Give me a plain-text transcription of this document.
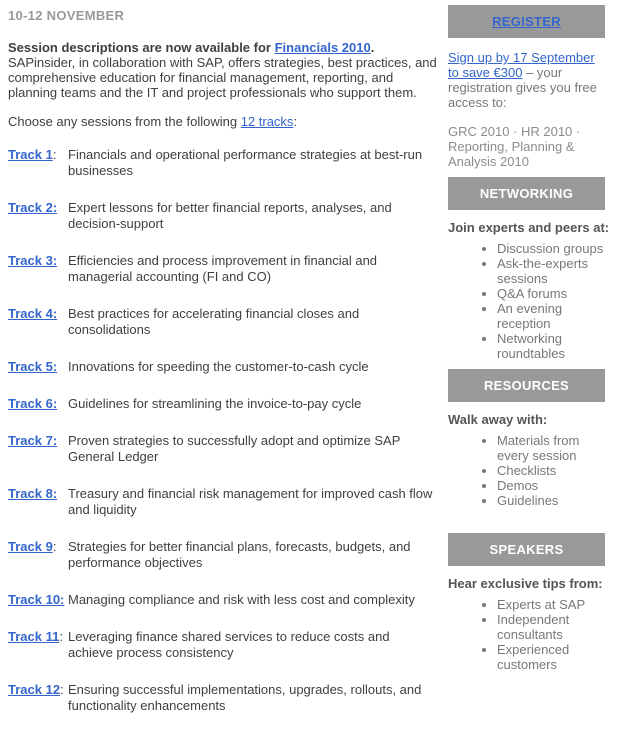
10-12 NOVEMBER

Session descriptions are now available for Financials 2010. SAPinsider, in collaboration with SAP, offers strategies, best practices, and comprehensive education for financial management, reporting, and planning teams and the IT and project professionals who support them.

Choose any sessions from the following 12 tracks:

Track 1: Financials and operational performance strategies at best-run businesses
Track 2: Expert lessons for better financial reports, analyses, and decision-support
Track 3: Efficiencies and process improvement in financial and managerial accounting (FI and CO)
Track 4: Best practices for accelerating financial closes and consolidations
Track 5: Innovations for speeding the customer-to-cash cycle
Track 6: Guidelines for streamlining the invoice-to-pay cycle
Track 7: Proven strategies to successfully adopt and optimize SAP General Ledger
Track 8: Treasury and financial risk management for improved cash flow and liquidity
Track 9: Strategies for better financial plans, forecasts, budgets, and performance objectives
Track 10: Managing compliance and risk with less cost and complexity
Track 11: Leveraging finance shared services to reduce costs and achieve process consistency
Track 12: Ensuring successful implementations, upgrades, rollouts, and functionality enhancements
REGISTER

Sign up by 17 September to save €300 – your registration gives you free access to:

GRC 2010 · HR 2010 · Reporting, Planning & Analysis 2010

NETWORKING
Join experts and peers at:
• Discussion groups
• Ask-the-experts sessions
• Q&A forums
• An evening reception
• Networking roundtables
RESOURCES
Walk away with:
• Materials from every session
• Checklists
• Demos
• Guidelines
SPEAKERS
Hear exclusive tips from:
• Experts at SAP
• Independent consultants
• Experienced customers
